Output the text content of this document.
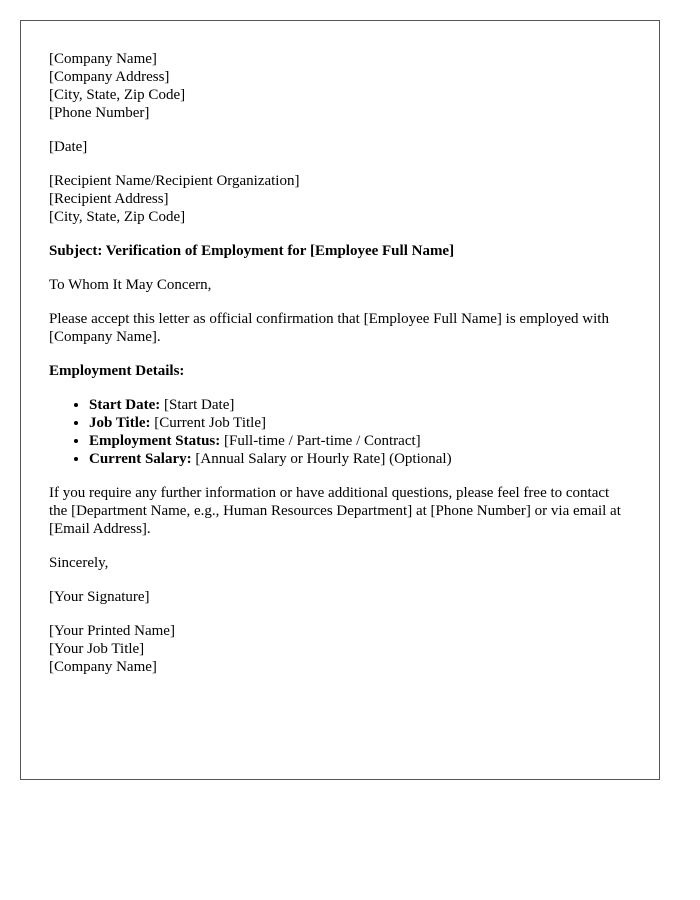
[Company Name]
[Company Address]
[City, State, Zip Code]
[Phone Number]
[Date]
[Recipient Name/Recipient Organization]
[Recipient Address]
[City, State, Zip Code]

Subject: Verification of Employment for [Employee Full Name]

To Whom It May Concern,

Please accept this letter as official confirmation that [Employee Full Name] is employed with [Company Name].

Employment Details:

• Start Date: [Start Date]
• Job Title: [Current Job Title]
• Employment Status: [Full-time / Part-time / Contract]
• Current Salary: [Annual Salary or Hourly Rate] (Optional)

If you require any further information or have additional questions, please feel free to contact the [Department Name, e.g., Human Resources Department] at [Phone Number] or via email at [Email Address].

Sincerely,

[Your Signature]

[Your Printed Name]
[Your Job Title]
[Company Name]
